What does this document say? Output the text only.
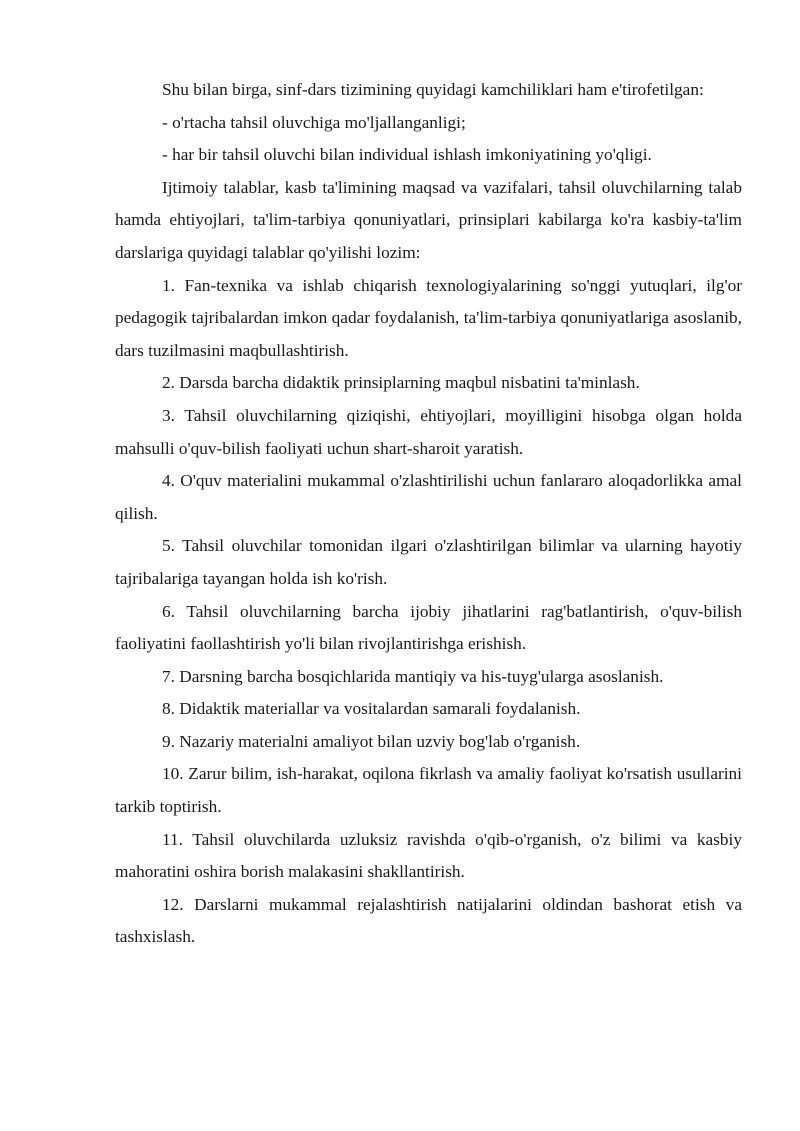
Shu bilan birga, sinf-dars tizimining quyidagi kamchiliklari ham e'tirofetilgan:

- o'rtacha tahsil oluvchiga mo'ljallanganligi;

- har bir tahsil oluvchi bilan individual ishlash imkoniyatining yo'qligi.

Ijtimoiy talablar, kasb ta'limining maqsad va vazifalari, tahsil oluvchilarning talab hamda ehtiyojlari, ta'lim-tarbiya qonuniyatlari, prinsiplari kabilarga ko'ra kasbiy-ta'lim darslariga quyidagi talablar qo'yilishi lozim:

1. Fan-texnika va ishlab chiqarish texnologiyalarining so'nggi yutuqlari, ilg'or pedagogik tajribalardan imkon qadar foydalanish, ta'lim-tarbiya qonuniyatlariga asoslanib, dars tuzilmasini maqbullashtirish.

2. Darsda barcha didaktik prinsiplarning maqbul nisbatini ta'minlash.

3. Tahsil oluvchilarning qiziqishi, ehtiyojlari, moyilligini hisobga olgan holda mahsulli o'quv-bilish faoliyati uchun shart-sharoit yaratish.

4. O'quv materialini mukammal o'zlashtirilishi uchun fanlararo aloqadorlikka amal qilish.

5. Tahsil oluvchilar tomonidan ilgari o'zlashtirilgan bilimlar va ularning hayotiy tajribalariga tayangan holda ish ko'rish.

6. Tahsil oluvchilarning barcha ijobiy jihatlarini rag'batlantirish, o'quv-bilish faoliyatini faollashtirish yo'li bilan rivojlantirishga erishish.

7. Darsning barcha bosqichlarida mantiqiy va his-tuyg'ularga asoslanish.

8. Didaktik materiallar va vositalardan samarali foydalanish.

9. Nazariy materialni amaliyot bilan uzviy bog'lab o'rganish.

10. Zarur bilim, ish-harakat, oqilona fikrlash va amaliy faoliyat ko'rsatish usullarini tarkib toptirish.

11. Tahsil oluvchilarda uzluksiz ravishda o'qib-o'rganish, o'z bilimi va kasbiy mahoratini oshira borish malakasini shakllantirish.

12. Darslarni mukammal rejalashtirish natijalarini oldindan bashorat etish va tashxislash.
